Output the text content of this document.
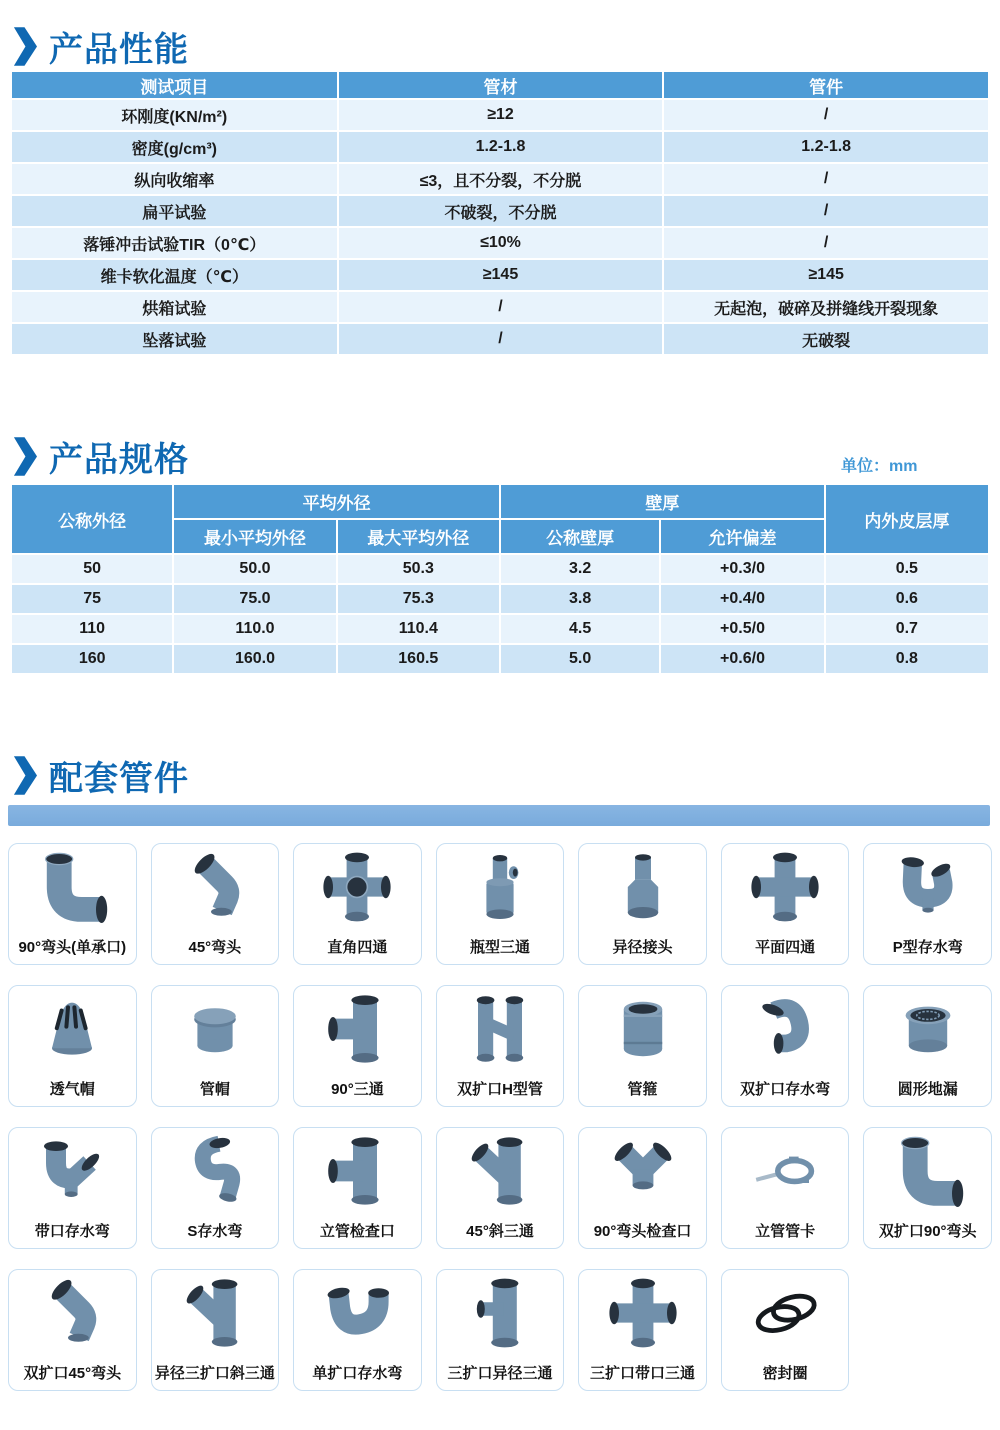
产品性能
测试项目	管材	管件
环刚度(KN/m²)	≥12	/
密度(g/cm³)	1.2-1.8	1.2-1.8
纵向收缩率	≤3，且不分裂，不分脱	/
扁平试验	不破裂，不分脱	/
落锤冲击试验TIR（0℃）	≤10%	/
维卡软化温度（℃）	≥145	≥145
烘箱试验	/	无起泡，破碎及拼缝线开裂现象
坠落试验	/	无破裂
产品规格	单位：mm
公称外径	平均外径		壁厚		内外皮层厚
	最小平均外径	最大平均外径	公称壁厚	允许偏差	
50	50.0	50.3	3.2	+0.3/0	0.5
75	75.0	75.3	3.8	+0.4/0	0.6
110	110.0	110.4	4.5	+0.5/0	0.7
160	160.0	160.5	5.0	+0.6/0	0.8
配套管件
90°弯头(单承口)	45°弯头	直角四通	瓶型三通	异径接头	平面四通	P型存水弯
透气帽	管帽	90°三通	双扩口H型管	管箍	双扩口存水弯	圆形地漏
带口存水弯	S存水弯	立管检查口	45°斜三通	90°弯头检查口	立管管卡	双扩口90°弯头
双扩口45°弯头 异径三扩口斜三通	单扩口存水弯	三扩口异径三通	三扩口带口三通	密封圈
